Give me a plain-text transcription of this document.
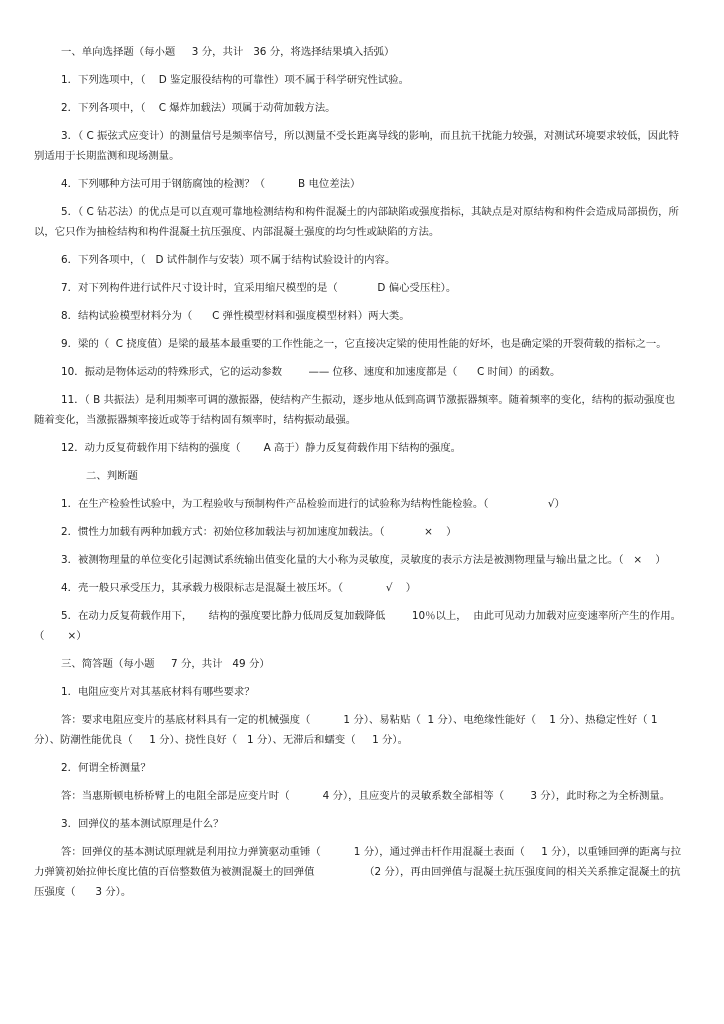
一、单向选择题（每小题     3 分，共计   36 分，将选择结果填入括弧）

1．下列选项中，（    D 鉴定服役结构的可靠性）项不属于科学研究性试验。

2．下列各项中，（    C 爆炸加载法）项属于动荷加载方法。

3．（ C 振弦式应变计）的测量信号是频率信号，所以测量不受长距离导线的影响，而且抗干扰能力较强，对测试环境要求较低，因此特别适用于长期监测和现场测量。

4．下列哪种方法可用于钢筋腐蚀的检测？（          B 电位差法）

5．（ C 钻芯法）的优点是可以直观可靠地检测结构和构件混凝土的内部缺陷或强度指标，其缺点是对原结构和构件会造成局部损伤，所以，它只作为抽检结构和构件混凝土抗压强度、内部混凝土强度的均匀性或缺陷的方法。

6．下列各项中，（   D 试件制作与安装）项不属于结构试验设计的内容。

7．对下列构件进行试件尺寸设计时，宜采用缩尺模型的是（            D 偏心受压柱）。

8．结构试验模型材料分为（      C 弹性模型材料和强度模型材料）两大类。

9．梁的（  C 挠度值）是梁的最基本最重要的工作性能之一，它直接决定梁的使用性能的好坏，也是确定梁的开裂荷载的指标之一。

10．振动是物体运动的特殊形式，它的运动参数        —— 位移、速度和加速度都是（      C 时间）的函数。

11．（ B 共振法）是利用频率可调的激振器，使结构产生振动，逐步地从低到高调节激振器频率。随着频率的变化，结构的振动强度也随着变化，当激振器频率接近或等于结构固有频率时，结构振动最强。

12．动力反复荷载作用下结构的强度（       A 高于）静力反复荷载作用下结构的强度。

二、判断题

1．在生产检验性试验中，为工程验收与预制构件产品检验而进行的试验称为结构性能检验。（                  √）

2．惯性力加载有两种加载方式：初始位移加载法与初加速度加载法。（            ×    ）

3．被测物理量的单位变化引起测试系统输出值变化量的大小称为灵敏度，灵敏度的表示方法是被测物理量与输出量之比。（   ×    ）

4．壳一般只承受压力，其承载力极限标志是混凝土被压坏。（             √    ）

5．在动力反复荷载作用下，     结构的强度要比静力低周反复加载降低        10％以上，  由此可见动力加载对应变速率所产生的作用。（       ×）

三、简答题（每小题     7 分，共计   49 分）

1．电阻应变片对其基底材料有哪些要求？

答：要求电阻应变片的基底材料具有一定的机械强度（          1 分）、易粘贴（  1 分）、电绝缘性能好（    1 分）、热稳定性好（ 1 分）、防潮性能优良（     1 分）、挠性良好（   1 分）、无滞后和蠕变（     1 分）。

2．何谓全桥测量？

答：当惠斯顿电桥桥臂上的电阻全部是应变片时（          4 分），且应变片的灵敏系数全部相等（        3 分），此时称之为全桥测量。

3．回弹仪的基本测试原理是什么？

答：回弹仪的基本测试原理就是利用拉力弹簧驱动重锤（          1 分），通过弹击杆作用混凝土表面（     1 分），以重锤回弹的距离与拉力弹簧初始拉伸长度比值的百倍整数值为被测混凝土的回弹值               （2 分），再由回弹值与混凝土抗压强度间的相关关系推定混凝土的抗压强度（      3 分）。
